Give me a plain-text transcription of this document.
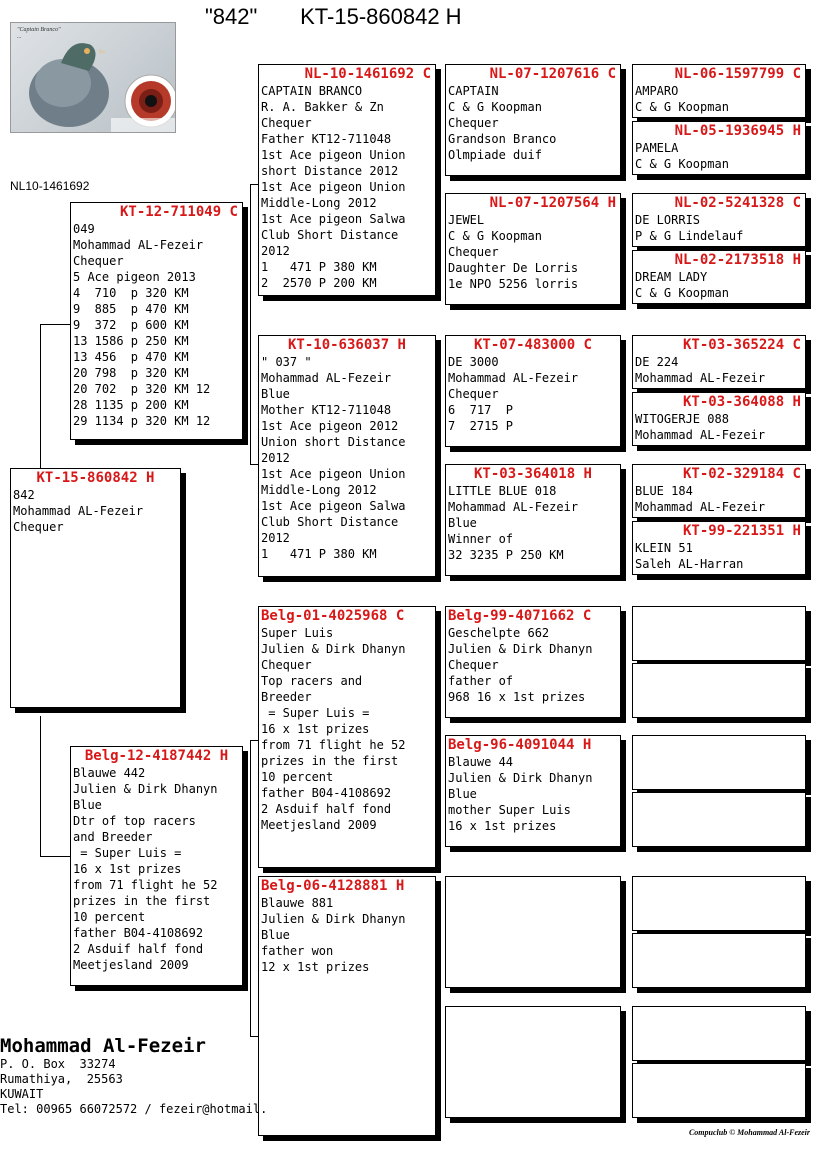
"842" KT-15-860842 H
"Captain Branco"
...
NL10-1461692
KT-15-860842 H
842
Mohammad AL-Fezeir
Chequer
KT-12-711049 C
049
Mohammad AL-Fezeir
Chequer
5 Ace pigeon 2013
4  710  p 320 KM
9  885  p 470 KM
9  372  p 600 KM
13 1586 p 250 KM
13 456  p 470 KM
20 798  p 320 KM
20 702  p 320 KM 12
28 1135 p 200 KM
29 1134 p 320 KM 12
Belg-12-4187442 H
Blauwe 442
Julien & Dirk Dhanyn
Blue
Dtr of top racers
and Breeder
= Super Luis =
16 x 1st prizes
from 71 flight he 52
prizes in the first
10 percent
father B04-4108692
2 Asduif half fond
Meetjesland 2009
NL-10-1461692 C
CAPTAIN BRANCO
R. A. Bakker & Zn
Chequer
Father KT12-711048
1st Ace pigeon Union
short Distance 2012
1st Ace pigeon Union
Middle-Long 2012
1st Ace pigeon Salwa
Club Short Distance
2012
1   471 P 380 KM
2  2570 P 200 KM
KT-10-636037 H
" 037 "
Mohammad AL-Fezeir
Blue
Mother KT12-711048
1st Ace pigeon 2012
Union short Distance
2012
1st Ace pigeon Union
Middle-Long 2012
1st Ace pigeon Salwa
Club Short Distance
2012
1   471 P 380 KM
Belg-01-4025968 C
Super Luis
Julien & Dirk Dhanyn
Chequer
Top racers and
Breeder
= Super Luis =
16 x 1st prizes
from 71 flight he 52
prizes in the first
10 percent
father B04-4108692
2 Asduif half fond
Meetjesland 2009
Belg-06-4128881 H
Blauwe 881
Julien & Dirk Dhanyn
Blue
father won
12 x 1st prizes
NL-07-1207616 C
CAPTAIN
C & G Koopman
Chequer
Grandson Branco
Olmpiade duif
NL-07-1207564 H
JEWEL
C & G Koopman
Chequer
Daughter De Lorris
1e NPO 5256 lorris
KT-07-483000 C
DE 3000
Mohammad AL-Fezeir
Chequer
6  717  P
7  2715 P
KT-03-364018 H
LITTLE BLUE 018
Mohammad AL-Fezeir
Blue
Winner of
32 3235 P 250 KM
Belg-99-4071662 C
Geschelpte 662
Julien & Dirk Dhanyn
Chequer
father of
968 16 x 1st prizes
Belg-96-4091044 H
Blauwe 44
Julien & Dirk Dhanyn
Blue
mother Super Luis
16 x 1st prizes
NL-06-1597799 C
AMPARO
C & G Koopman
NL-05-1936945 H
PAMELA
C & G Koopman
NL-02-5241328 C
DE LORRIS
P & G Lindelauf
NL-02-2173518 H
DREAM LADY
C & G Koopman
KT-03-365224 C
DE 224
Mohammad AL-Fezeir
KT-03-364088 H
WITOGERJE 088
Mohammad AL-Fezeir
KT-02-329184 C
BLUE 184
Mohammad AL-Fezeir
KT-99-221351 H
KLEIN 51
Saleh AL-Harran
Mohammad Al-Fezeir
P. O. Box  33274
Rumathiya,  25563
KUWAIT
Tel: 00965 66072572 / fezeir@hotmail.
Compuclub © Mohammad Al-Fezeir
